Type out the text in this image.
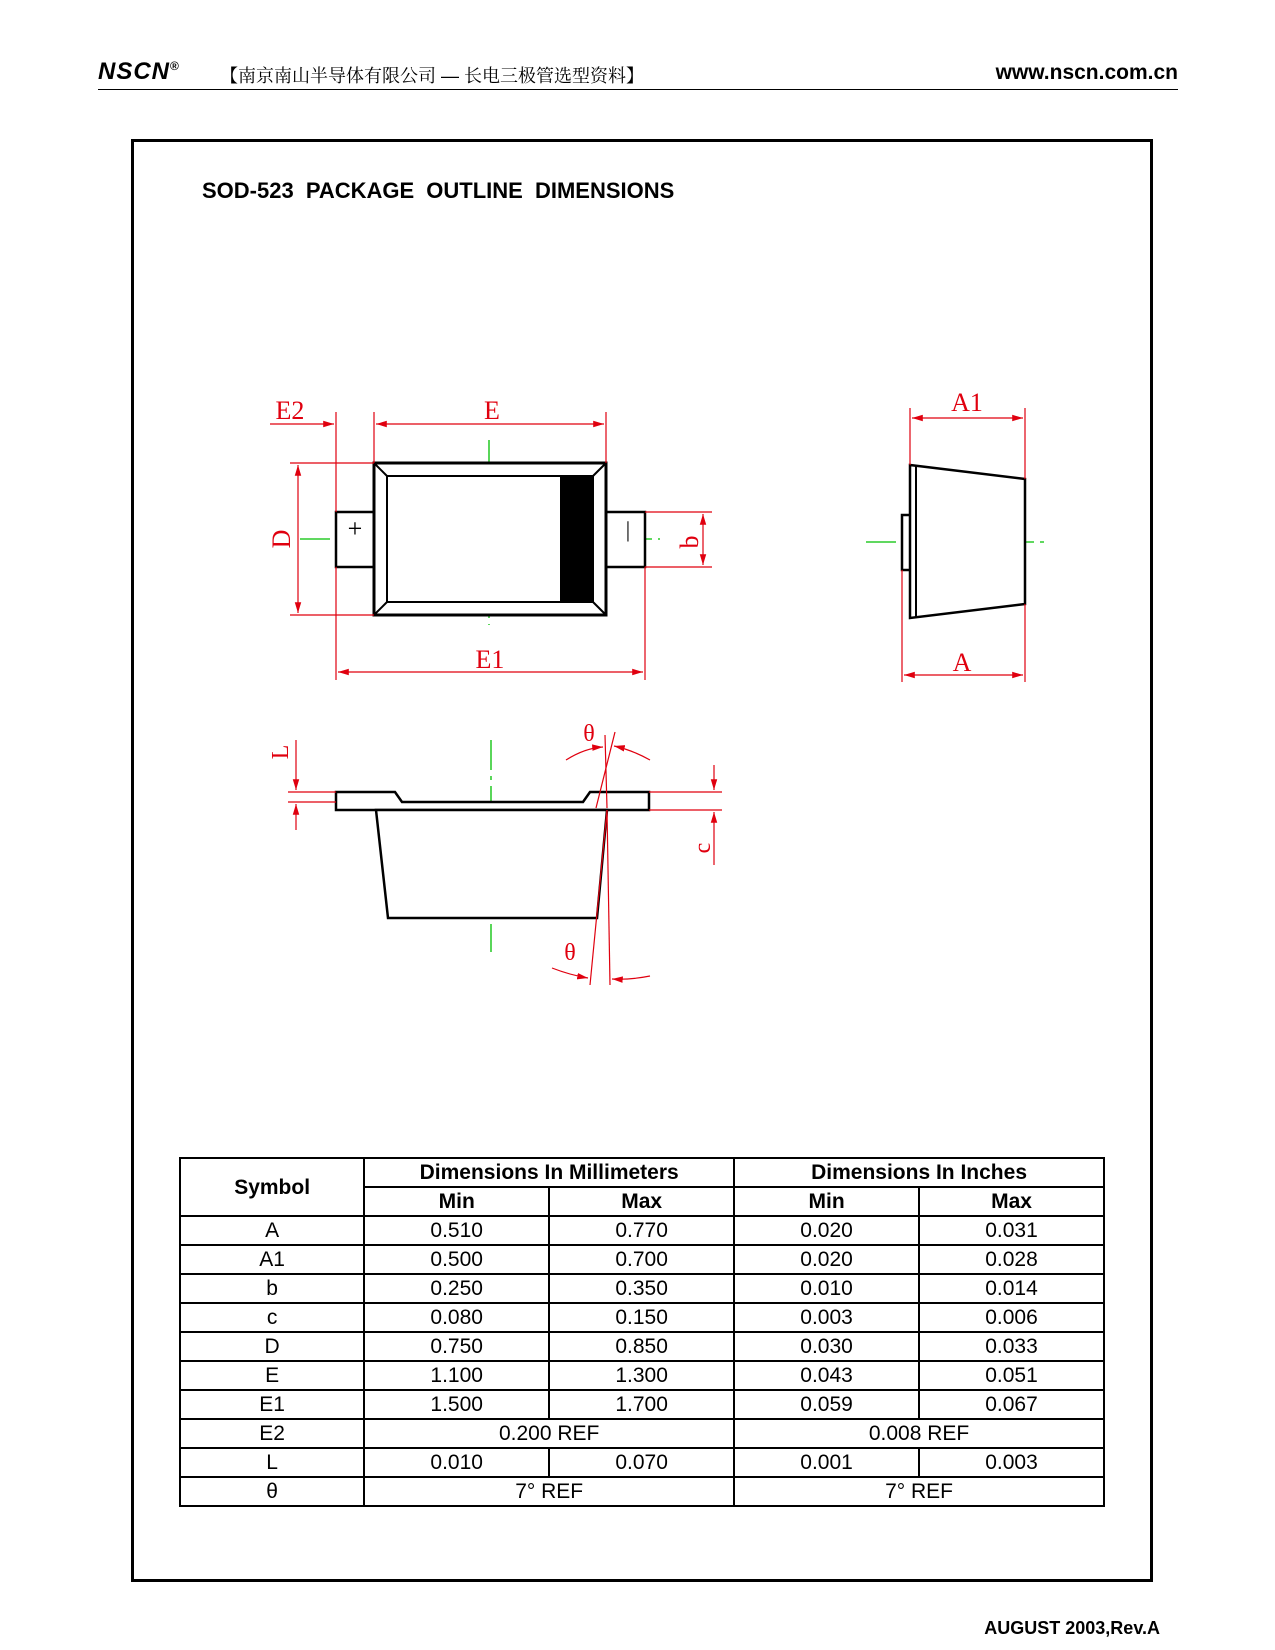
NSCN® 【南京南山半导体有限公司 — 长电三极管选型资料】	www.nscn.com.cn
SOD-523 PACKAGE OUTLINE DIMENSIONS
+	|
E2	E
E1
D	b
A1
A
L
c
θ
θ
Symbol	Dimensions In Millimeters		Dimensions In Inches	
	Min	Max	Min	Max
A	0.510	0.770	0.020	0.031
A1	0.500	0.700	0.020	0.028
b	0.250	0.350	0.010	0.014
c	0.080	0.150	0.003	0.006
D	0.750	0.850	0.030	0.033
E	1.100	1.300	0.043	0.051
E1	1.500	1.700	0.059	0.067
E2	0.200 REF		0.008 REF	
L	0.010	0.070	0.001	0.003
θ	7° REF		7° REF	
AUGUST 2003,Rev.A
